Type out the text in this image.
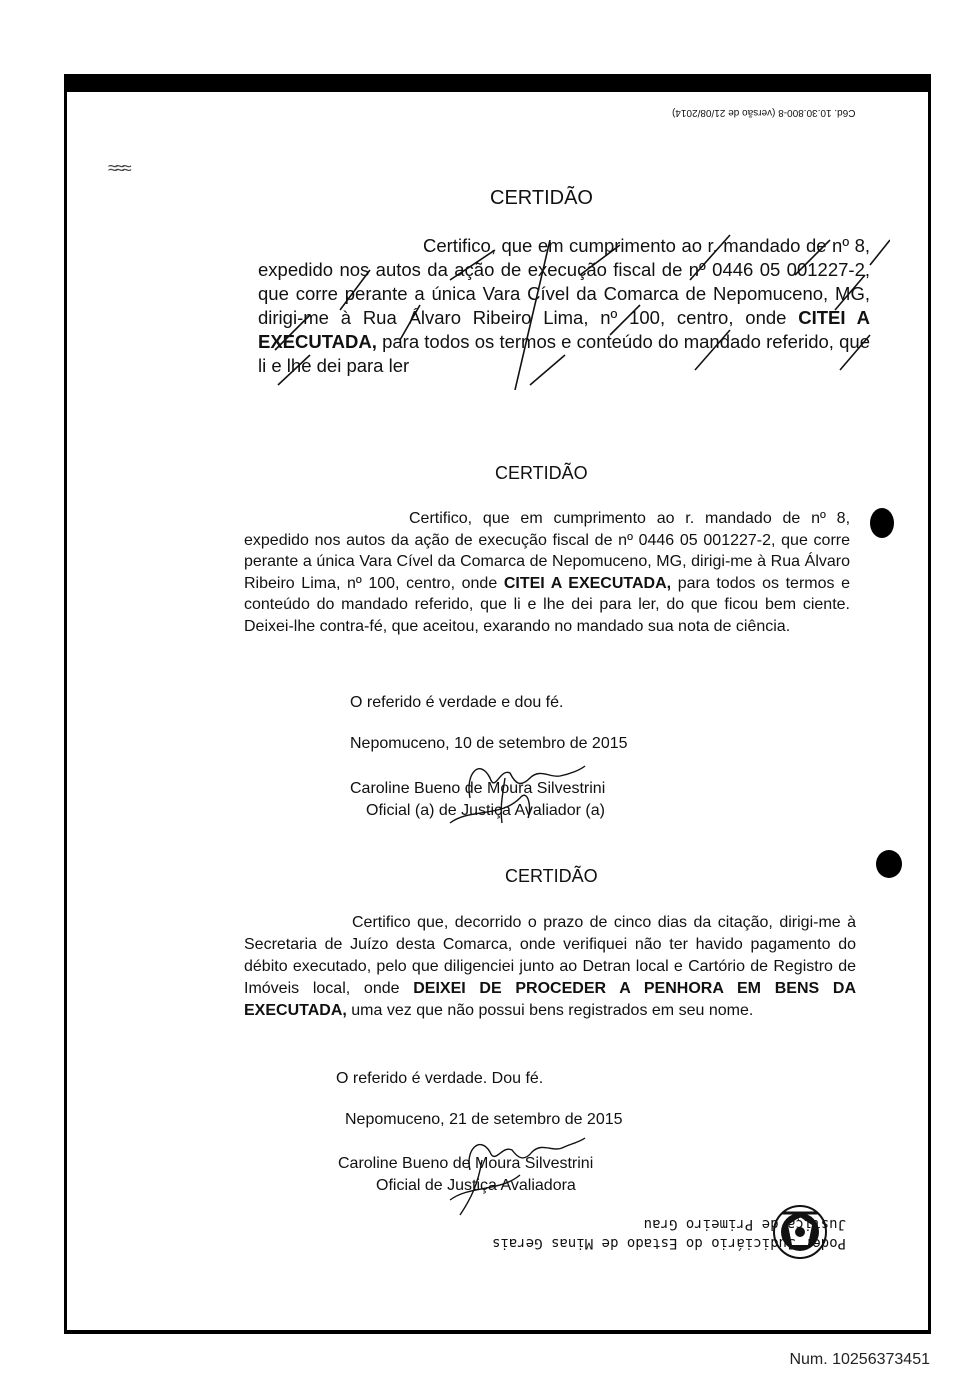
C6d. 10.30.800-8 (versão de 21/08/2014)
≈≈≈
CERTIDÃO
Certifico, que em cumprimento ao r. mandado de nº 8, expedido nos autos da ação de execução fiscal de nº 0446 05 001227-2, que corre perante a única Vara Cível da Comarca de Nepomuceno, MG, dirigi-me à Rua Álvaro Ribeiro Lima, nº 100, centro, onde CITEI A EXECUTADA, para todos os termos e conteúdo do mandado referido, que li e lhe dei para ler
CERTIDÃO
Certifico, que em cumprimento ao r. mandado de nº 8, expedido nos autos da ação de execução fiscal de nº 0446 05 001227-2, que corre perante a única Vara Cível da Comarca de Nepomuceno, MG, dirigi-me à Rua Álvaro Ribeiro Lima, nº 100, centro, onde CITEI A EXECUTADA, para todos os termos e conteúdo do mandado referido, que li e lhe dei para ler, do que ficou bem ciente. Deixei-lhe contra-fé, que aceitou, exarando no mandado sua nota de ciência.
O referido é verdade e dou fé.
Nepomuceno, 10 de setembro de 2015
Caroline Bueno de Moura Silvestrini
Oficial (a) de Justiça Avaliador (a)
CERTIDÃO
Certifico que, decorrido o prazo de cinco dias da citação, dirigi-me à Secretaria de Juízo desta Comarca, onde verifiquei não ter havido pagamento do débito executado, pelo que diligenciei junto ao Detran local e Cartório de Registro de Imóveis local, onde DEIXEI DE PROCEDER A PENHORA EM BENS DA EXECUTADA, uma vez que não possui bens registrados em seu nome.
O referido é verdade. Dou fé.
Nepomuceno, 21 de setembro de 2015
Caroline Bueno de Moura Silvestrini
Oficial de Justiça Avaliadora
Poder Judiciário do Estado de Minas Gerais
Justiça de Primeiro Grau
Num. 10256373451
